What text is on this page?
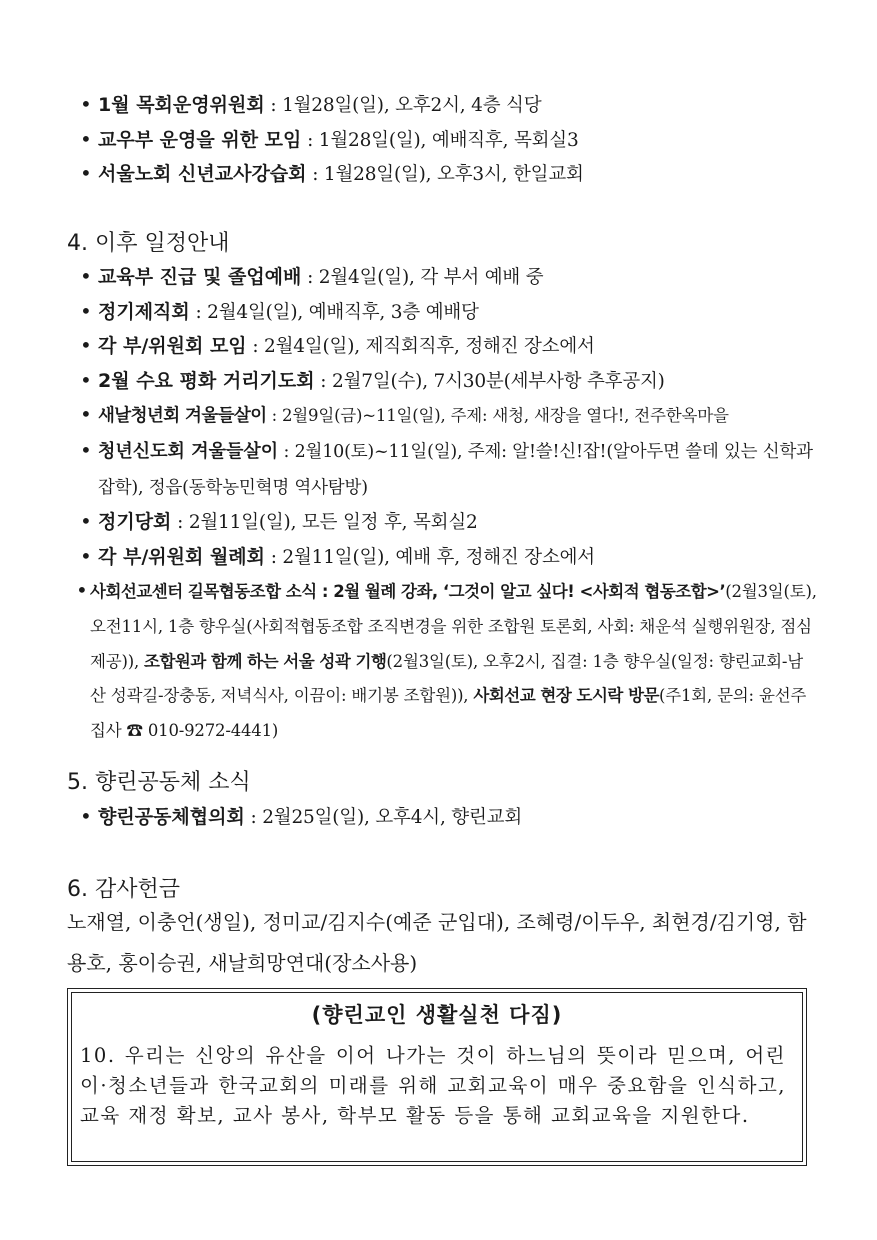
• 1월 목회운영위원회 : 1월28일(일), 오후2시, 4층 식당
• 교우부 운영을 위한 모임 : 1월28일(일), 예배직후, 목회실3
• 서울노회 신년교사강습회 : 1월28일(일), 오후3시, 한일교회
4. 이후 일정안내
• 교육부 진급 및 졸업예배 : 2월4일(일), 각 부서 예배 중
• 정기제직회 : 2월4일(일), 예배직후, 3층 예배당
• 각 부/위원회 모임 : 2월4일(일), 제직회직후, 정해진 장소에서
• 2월 수요 평화 거리기도회 : 2월7일(수), 7시30분(세부사항 추후공지)
• 새날청년회 겨울들살이 : 2월9일(금)~11일(일), 주제: 새청, 새장을 열다!, 전주한옥마을
• 청년신도회 겨울들살이 : 2월10(토)~11일(일), 주제: 알!쓸!신!잡!(알아두면 쓸데 있는 신학과 잡학), 정읍(동학농민혁명 역사탐방)
• 정기당회 : 2월11일(일), 모든 일정 후, 목회실2
• 각 부/위원회 월례회 : 2월11일(일), 예배 후, 정해진 장소에서
• 사회선교센터 길목협동조합 소식 : 2월 월례 강좌, ‘그것이 알고 싶다! <사회적 협동조합>’(2월3일(토), 오전11시, 1층 향우실(사회적협동조합 조직변경을 위한 조합원 토론회, 사회: 채운석 실행위원장, 점심제공)), 조합원과 함께 하는 서울 성곽 기행(2월3일(토), 오후2시, 집결: 1층 향우실(일정: 향린교회-남산 성곽길-장충동, 저녁식사, 이끔이: 배기봉 조합원)), 사회선교 현장 도시락 방문(주1회, 문의: 윤선주 집사 ☎ 010-9272-4441)
5. 향린공동체 소식
• 향린공동체협의회 : 2월25일(일), 오후4시, 향린교회
6. 감사헌금
노재열, 이충언(생일), 정미교/김지수(예준 군입대), 조혜령/이두우, 최현경/김기영, 함용호, 홍이승권, 새날희망연대(장소사용)
(향린교인 생활실천 다짐)
10. 우리는 신앙의 유산을 이어 나가는 것이 하느님의 뜻이라 믿으며, 어린이·청소년들과 한국교회의 미래를 위해 교회교육이 매우 중요함을 인식하고, 교육 재정 확보, 교사 봉사, 학부모 활동 등을 통해 교회교육을 지원한다.
